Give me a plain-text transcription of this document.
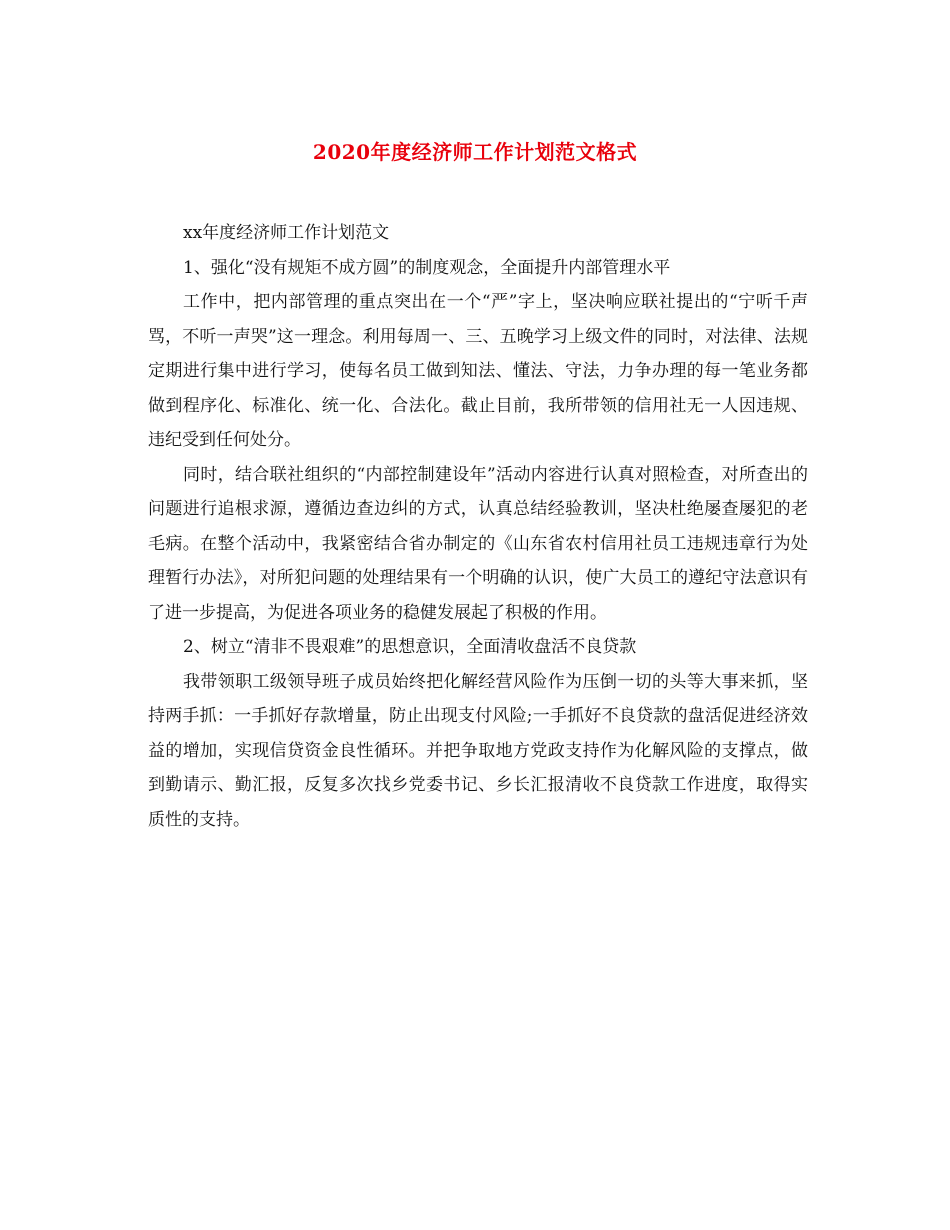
2020年度经济师工作计划范文格式

xx年度经济师工作计划范文

1、强化“没有规矩不成方圆”的制度观念，全面提升内部管理水平

工作中，把内部管理的重点突出在一个“严”字上，坚决响应联社提出的“宁听千声骂，不听一声哭”这一理念。利用每周一、三、五晚学习上级文件的同时，对法律、法规定期进行集中进行学习，使每名员工做到知法、懂法、守法，力争办理的每一笔业务都做到程序化、标准化、统一化、合法化。截止目前，我所带领的信用社无一人因违规、违纪受到任何处分。

同时，结合联社组织的“内部控制建设年”活动内容进行认真对照检查，对所查出的问题进行追根求源，遵循边查边纠的方式，认真总结经验教训，坚决杜绝屡查屡犯的老毛病。在整个活动中，我紧密结合省办制定的《山东省农村信用社员工违规违章行为处理暂行办法》，对所犯问题的处理结果有一个明确的认识，使广大员工的遵纪守法意识有了进一步提高，为促进各项业务的稳健发展起了积极的作用。

2、树立“清非不畏艰难”的思想意识，全面清收盘活不良贷款

我带领职工级领导班子成员始终把化解经营风险作为压倒一切的头等大事来抓，坚持两手抓：一手抓好存款增量，防止出现支付风险;一手抓好不良贷款的盘活促进经济效益的增加，实现信贷资金良性循环。并把争取地方党政支持作为化解风险的支撑点，做到勤请示、勤汇报，反复多次找乡党委书记、乡长汇报清收不良贷款工作进度，取得实质性的支持。
